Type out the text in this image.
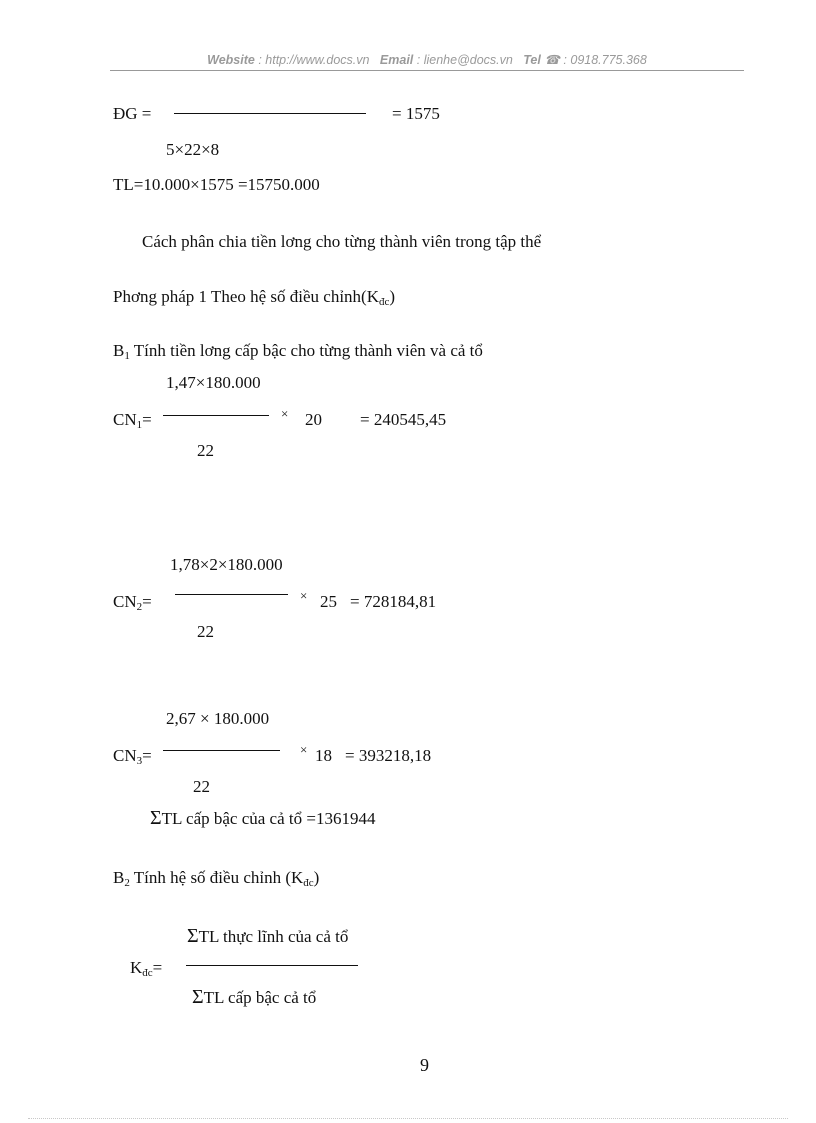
Website : http://www.docs.vn Email : lienhe@docs.vn Tel ☎ : 0918.775.368
ĐG =	= 1575
5×22×8
TL=10.000×1575 =15750.000
Cách phân chia tiền lơng cho từng thành viên trong tập thể
Phơng pháp 1 Theo hệ số điều $chỉnh(K_{đc})$
$B_1$ Tính tiền lơng cấp bậc cho từng thành viên và cả tổ
1,47×180.000
$CN_1=$	× 20 = 240545,45
22
1,78×2×180.000
$CN_2=$	× 25 = 728184,81
22
2,67 × 180.000
$CN_3=$	× 18 = 393218,18
22
ΣTL cấp bậc của cả tổ =1361944
$B_2$ Tính hệ số điều chỉnh $(K_{đc})$
ΣTL thực lĩnh của cả tổ
$K_{đc}=$
ΣTL cấp bậc cả tổ
9
